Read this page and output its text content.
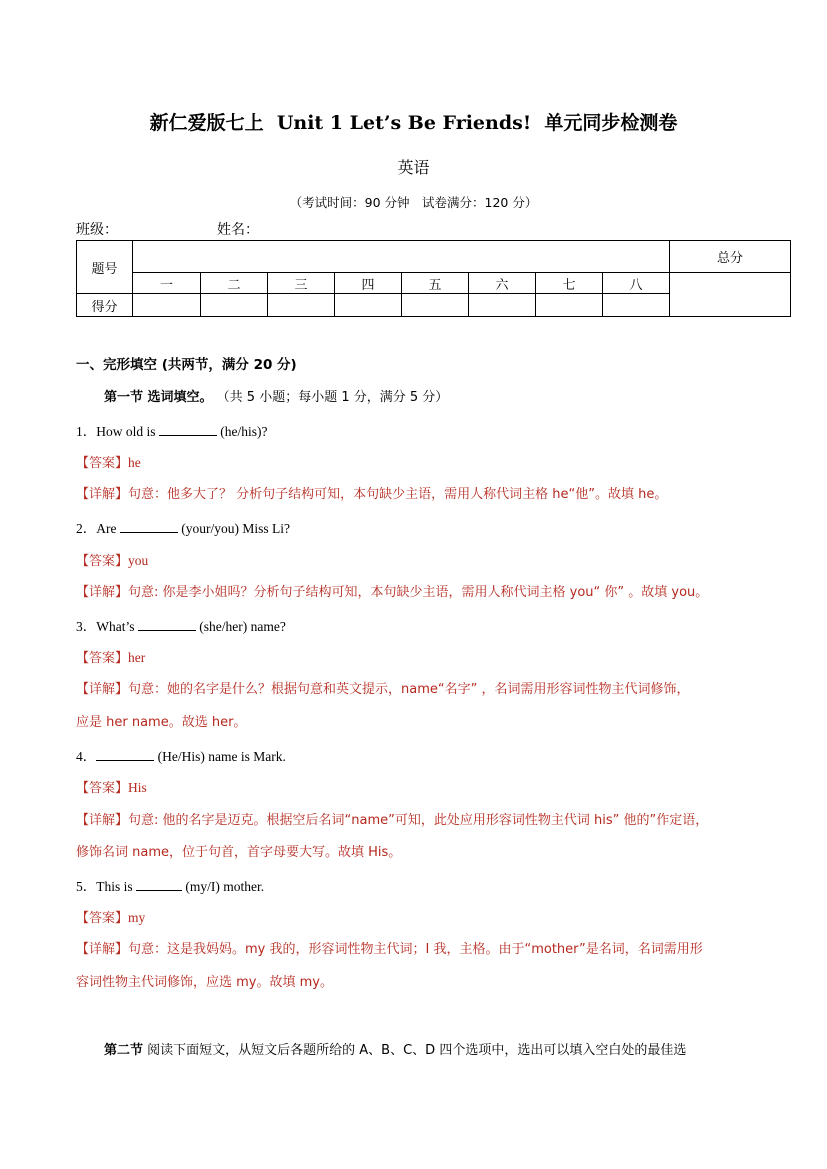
新仁爱版七上 Unit 1 Let’s Be Friends! 单元同步检测卷
英语
（考试时间：90 分钟　试卷满分：120 分）
班级：	姓名：
题号									总分
	一	二	三	四	五	六	七	八	
得分									
一、完形填空 (共两节，满分 20 分)
第一节 选词填空。 （共 5 小题；每小题 1 分，满分 5 分）
1．How old is	(he/his)?
【答案】he
【详解】句意：他多大了？ 分析句子结构可知，本句缺少主语，需用人称代词主格 he“他”。故填 he。
2．Are	(your/you) Miss Li?
【答案】you
【详解】句意: 你是李小姐吗？分析句子结构可知，本句缺少主语，需用人称代词主格 you“ 你” 。故填 you。
3．What’s	(she/her) name?
【答案】her
【详解】句意：她的名字是什么？根据句意和英文提示，name“名字” ，名词需用形容词性物主代词修饰，
应是 her name。故选 her。
4．	(He/His) name is Mark.
【答案】His
【详解】句意: 他的名字是迈克。根据空后名词“name”可知，此处应用形容词性物主代词 his” 他的”作定语，
修饰名词 name，位于句首，首字母要大写。故填 His。
5．This is	(my/I) mother.
【答案】my
【详解】句意：这是我妈妈。my 我的，形容词性物主代词；I 我，主格。由于“mother”是名词，名词需用形
容词性物主代词修饰，应选 my。故填 my。
第二节 阅读下面短文，从短文后各题所给的 A、B、C、D 四个选项中，选出可以填入空白处的最佳选
